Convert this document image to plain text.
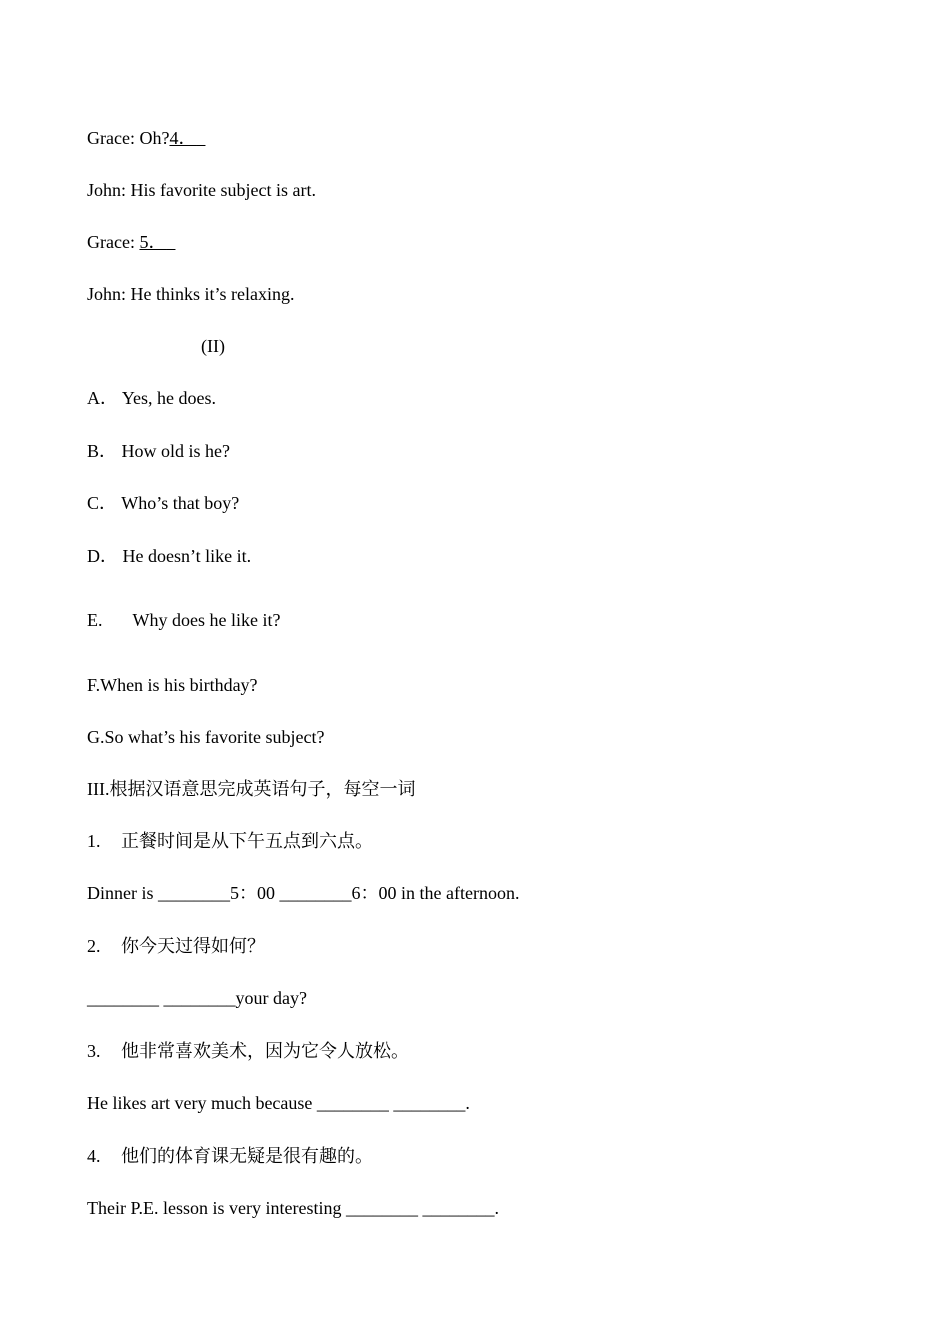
Grace: Oh?4．
John: His favorite subject is art.
Grace: 5．
John: He thinks it’s relaxing.
(II)
A． Yes, he does.
B． How old is he?
C． Who’s that boy?
D． He doesn’t like it.
E. Why does he like it?
F.When is his birthday?
G.So what’s his favorite subject?
III.根据汉语意思完成英语句子，每空一词
1. 正餐时间是从下午五点到六点。
Dinner is ________5：00 ________6：00 in the afternoon.
2. 你今天过得如何？
________ ________your day?
3. 他非常喜欢美术，因为它令人放松。
He likes art very much because ________ ________.
4. 他们的体育课无疑是很有趣的。
Their P.E. lesson is very interesting ________ ________.
